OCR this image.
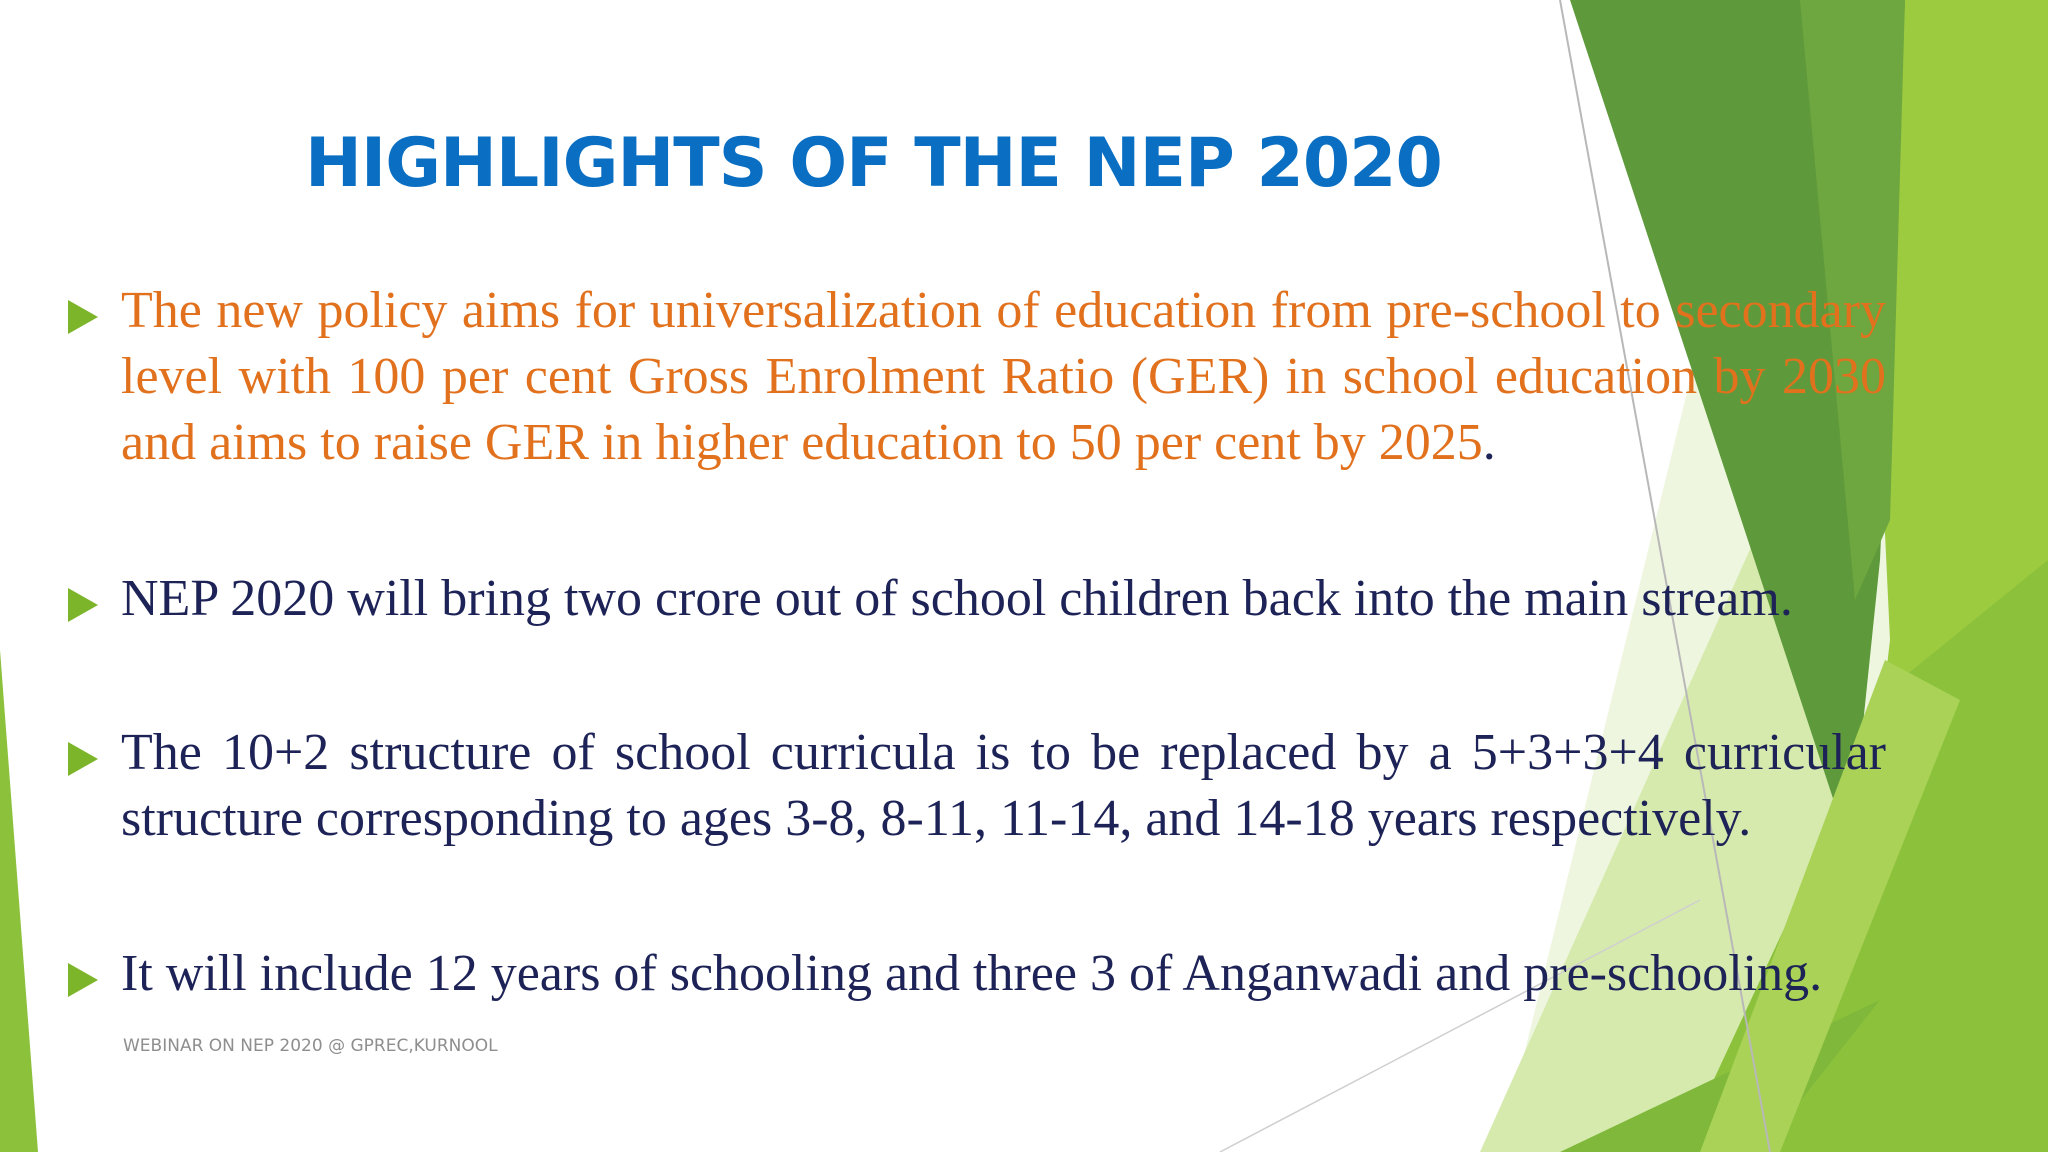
HIGHLIGHTS OF THE NEP 2020

The new policy aims for universalization of education from pre-school to secondary level with 100 per cent Gross Enrolment Ratio (GER) in school education by 2030 and aims to raise GER in higher education to 50 per cent by 2025.

NEP 2020 will bring two crore out of school children back into the main stream.

The 10+2 structure of school curricula is to be replaced by a 5+3+3+4 curricular structure corresponding to ages 3-8, 8-11, 11-14, and 14-18 years respectively.

It will include 12 years of schooling and three 3 of Anganwadi and pre-schooling.

WEBINAR ON NEP 2020 @ GPREC,KURNOOL
